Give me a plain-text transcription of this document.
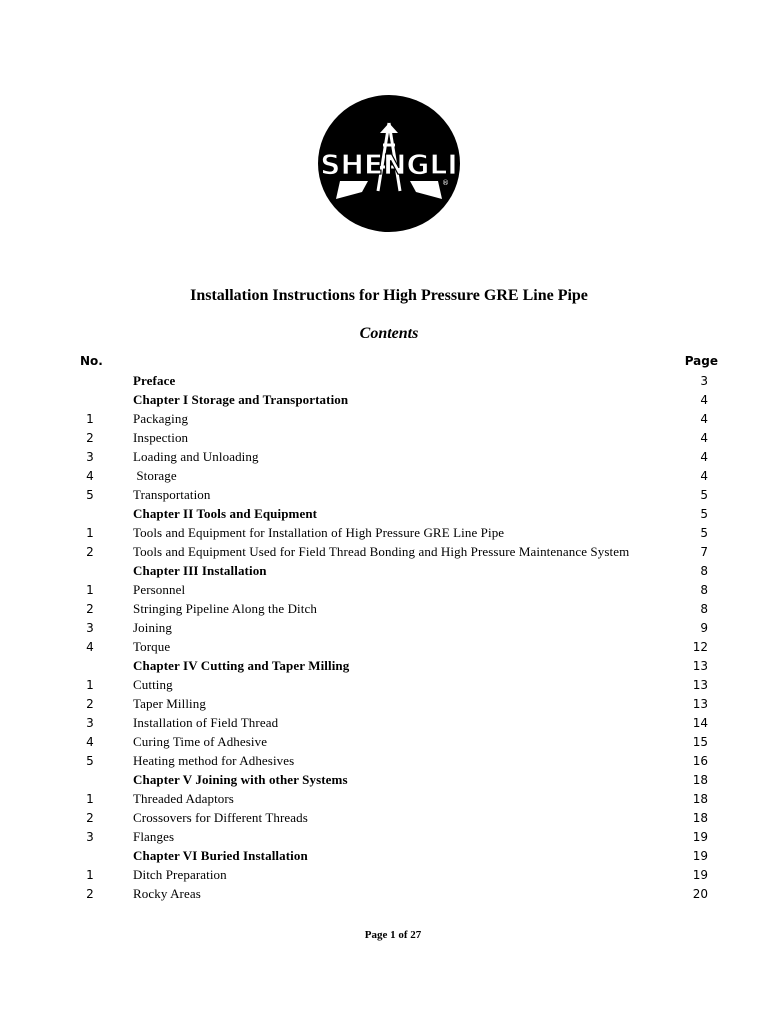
SHENGLI
®
Installation Instructions for High Pressure GRE Line Pipe
Contents
No.	Page
Preface	3
Chapter I Storage and Transportation	4
1	Packaging	4
2	Inspection	4
3	Loading and Unloading	4
4	Storage	4
5	Transportation	5
Chapter II Tools and Equipment	5
1	Tools and Equipment for Installation of High Pressure GRE Line Pipe	5
2	Tools and Equipment Used for Field Thread Bonding and High Pressure Maintenance System	7
Chapter III Installation	8
1	Personnel	8
2	Stringing Pipeline Along the Ditch	8
3	Joining	9
4	Torque	12
Chapter IV Cutting and Taper Milling	13
1	Cutting	13
2	Taper Milling	13
3	Installation of Field Thread	14
4	Curing Time of Adhesive	15
5	Heating method for Adhesives	16
Chapter V Joining with other Systems	18
1	Threaded Adaptors	18
2	Crossovers for Different Threads	18
3	Flanges	19
Chapter VI Buried Installation	19
1	Ditch Preparation	19
2	Rocky Areas	20
Page 1 of 27
